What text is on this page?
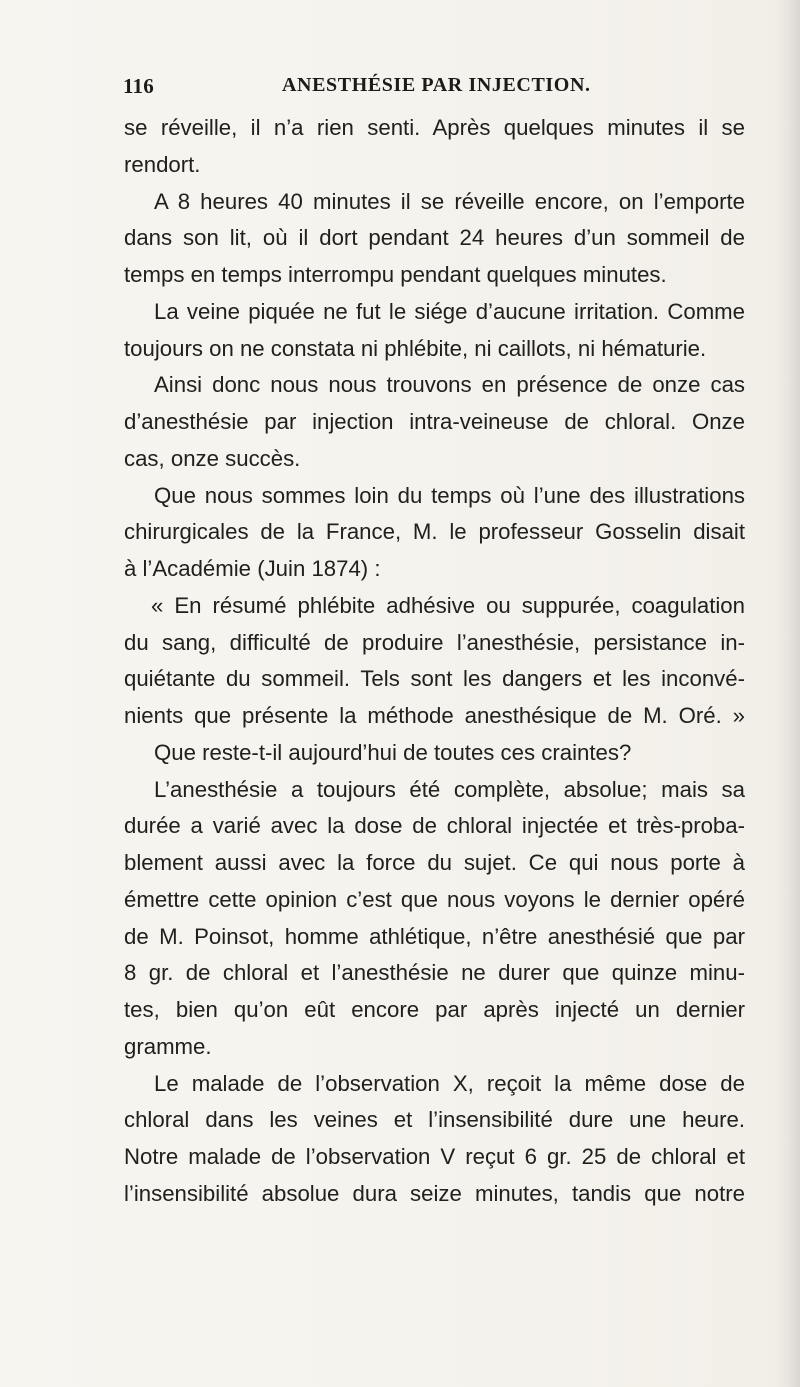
116	ANESTHÉSIE PAR INJECTION.

se réveille, il n’a rien senti. Après quelques minutes il se
rendort.

A 8 heures 40 minutes il se réveille encore, on l’emporte
dans son lit, où il dort pendant 24 heures d’un sommeil de
temps en temps interrompu pendant quelques minutes.

La veine piquée ne fut le siége d’aucune irritation. Comme
toujours on ne constata ni phlébite, ni caillots, ni hématurie.

Ainsi donc nous nous trouvons en présence de onze cas
d’anesthésie par injection intra-veineuse de chloral. Onze
cas, onze succès.

Que nous sommes loin du temps où l’une des illustrations
chirurgicales de la France, M. le professeur Gosselin disait
à l’Académie (Juin 1874) :

« En résumé phlébite adhésive ou suppurée, coagulation
du sang, difficulté de produire l’anesthésie, persistance in-
quiétante du sommeil. Tels sont les dangers et les inconvé-
nients que présente la méthode anesthésique de M. Oré. »

Que reste-t-il aujourd’hui de toutes ces craintes?

L’anesthésie a toujours été complète, absolue; mais sa
durée a varié avec la dose de chloral injectée et très-proba-
blement aussi avec la force du sujet. Ce qui nous porte à
émettre cette opinion c’est que nous voyons le dernier opéré
de M. Poinsot, homme athlétique, n’être anesthésié que par
8 gr. de chloral et l’anesthésie ne durer que quinze minu-
tes, bien qu’on eût encore par après injecté un dernier
gramme.

Le malade de l’observation X, reçoit la même dose de
chloral dans les veines et l’insensibilité dure une heure.
Notre malade de l’observation V reçut 6 gr. 25 de chloral et
l’insensibilité absolue dura seize minutes, tandis que notre
